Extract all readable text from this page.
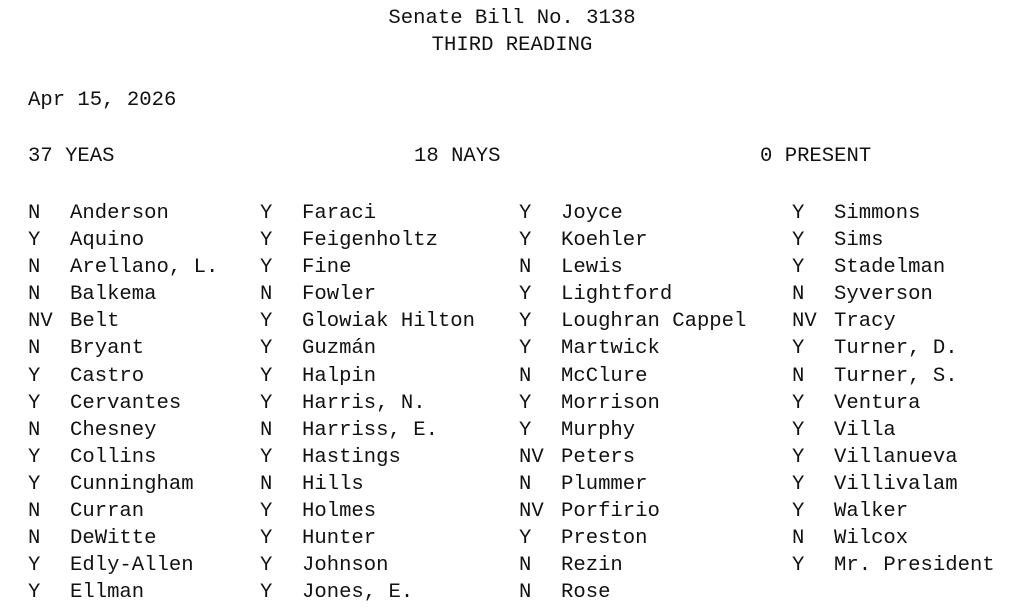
Senate Bill No. 3138
THIRD READING
Apr 15, 2026
37 YEAS	18 NAYS	0 PRESENT
N Anderson
Y Aquino
N Arellano, L.
N Balkema
NV Belt
N Bryant
Y Castro
Y Cervantes
N Chesney
Y Collins
Y Cunningham
N Curran
N DeWitte
Y Edly-Allen
Y Ellman
Y Faraci
Y Feigenholtz
Y Fine
N Fowler
Y Glowiak Hilton
Y Guzmán
Y Halpin
Y Harris, N.
N Harriss, E.
Y Hastings
N Hills
Y Holmes
Y Hunter
Y Johnson
Y Jones, E.
Y Joyce
Y Koehler
N Lewis
Y Lightford
Y Loughran Cappel
Y Martwick
N McClure
Y Morrison
Y Murphy
NV Peters
N Plummer
NV Porfirio
Y Preston
N Rezin
N Rose
Y Simmons
Y Sims
Y Stadelman
N Syverson
NV Tracy
Y Turner, D.
N Turner, S.
Y Ventura
Y Villa
Y Villanueva
Y Villivalam
Y Walker
N Wilcox
Y Mr. President
